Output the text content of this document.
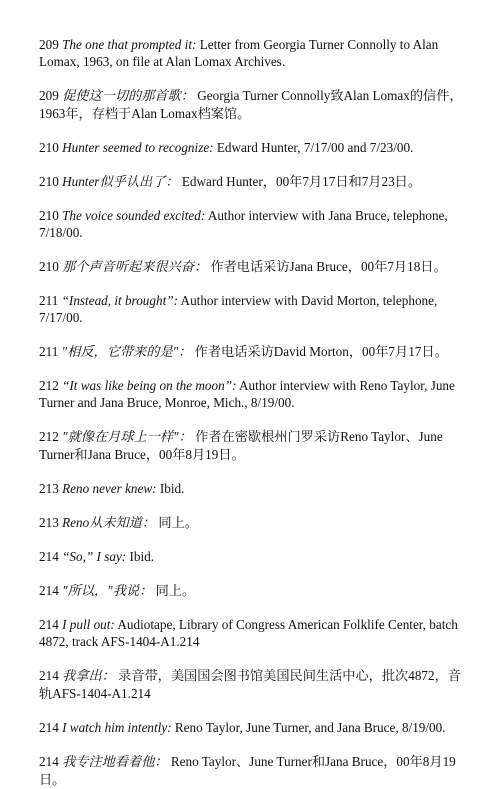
209 The one that prompted it: Letter from Georgia Turner Connolly to Alan Lomax, 1963, on file at Alan Lomax Archives.

209 促使这一切的那首歌： Georgia Turner Connolly致Alan Lomax的信件，1963年，存档于Alan Lomax档案馆。

210 Hunter seemed to recognize: Edward Hunter, 7/17/00 and 7/23/00.

210 Hunter似乎认出了： Edward Hunter，00年7月17日和7月23日。

210 The voice sounded excited: Author interview with Jana Bruce, telephone, 7/18/00.

210 那个声音听起来很兴奋： 作者电话采访Jana Bruce，00年7月18日。

211 “Instead, it brought”: Author interview with David Morton, telephone, 7/17/00.

211 "相反，它带来的是"： 作者电话采访David Morton，00年7月17日。

212 “It was like being on the moon”: Author interview with Reno Taylor, June Turner and Jana Bruce, Monroe, Mich., 8/19/00.

212 "就像在月球上一样"： 作者在密歇根州门罗采访Reno Taylor、June Turner和Jana Bruce，00年8月19日。

213 Reno never knew: Ibid.

213 Reno从未知道： 同上。

214 “So,” I say: Ibid.

214 "所以，"我说： 同上。

214 I pull out: Audiotape, Library of Congress American Folklife Center, batch 4872, track AFS-1404-A1.214

214 我拿出： 录音带，美国国会图书馆美国民间生活中心，批次4872，音轨AFS-1404-A1.214

214 I watch him intently: Reno Taylor, June Turner, and Jana Bruce, 8/19/00.

214 我专注地看着他： Reno Taylor、June Turner和Jana Bruce，00年8月19日。
